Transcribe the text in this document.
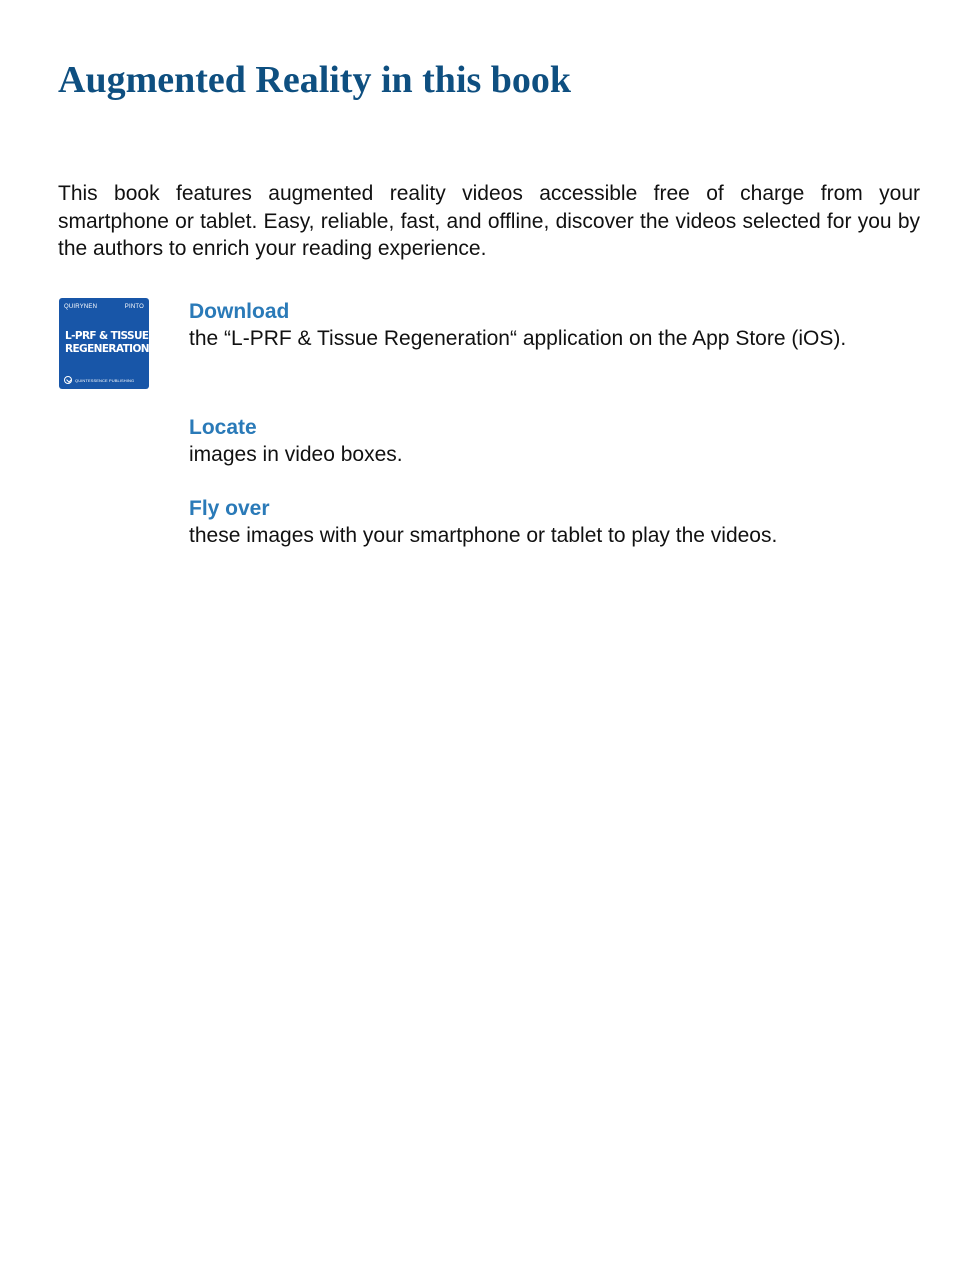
Augmented Reality in this book

This book features augmented reality videos accessible free of charge from your smartphone or tablet. Easy, reliable, fast, and offline, discover the videos selected for you by the authors to enrich your reading experience.

QUIRYNEN	PINTO
L-PRF & TISSUE
REGENERATION
QUINTESSENCE PUBLISHING
Download
the “L-PRF & Tissue Regeneration“ application on the App Store (iOS).
Locate
images in video boxes.
Fly over
these images with your smartphone or tablet to play the videos.
